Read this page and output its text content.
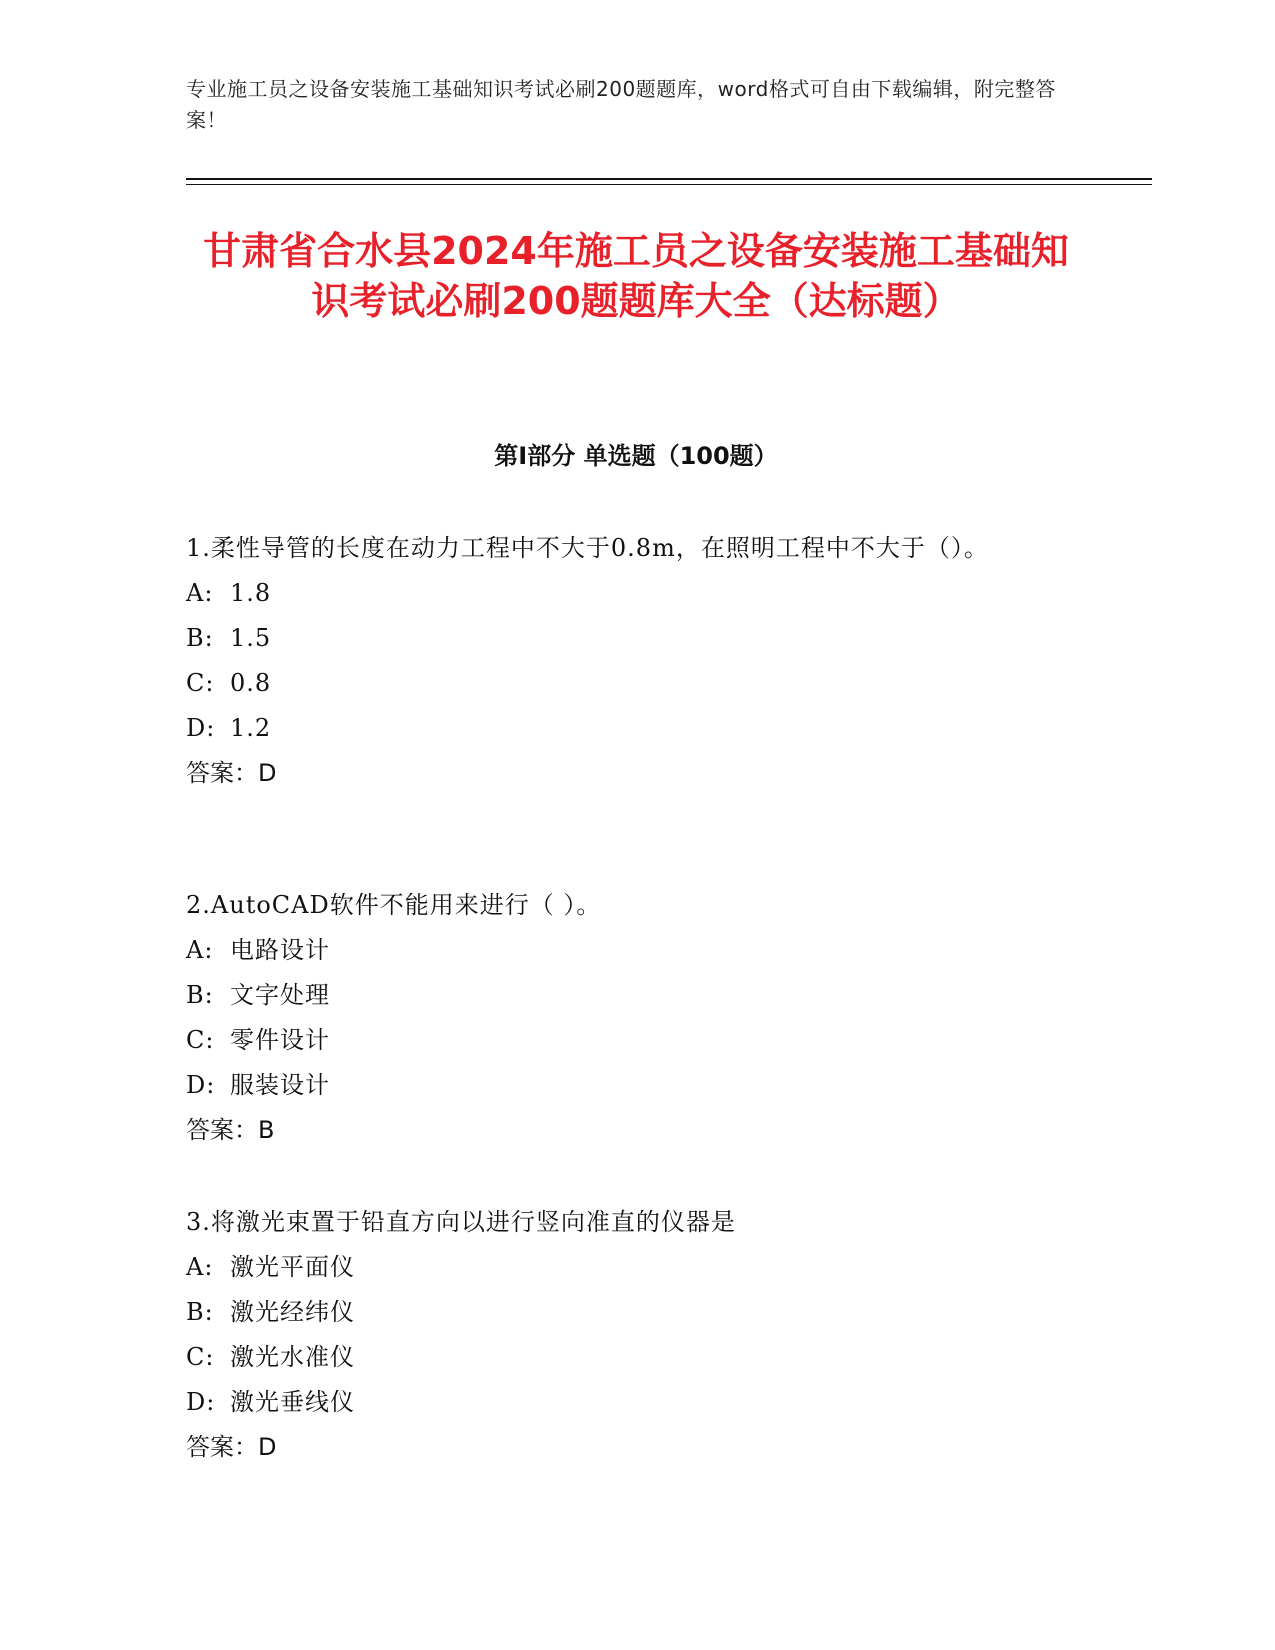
专业施工员之设备安装施工基础知识考试必刷200题题库，word格式可自由下载编辑，附完整答案！
甘肃省合水县2024年施工员之设备安装施工基础知识考试必刷200题题库大全（达标题）
第I部分 单选题（100题）
1.柔性导管的长度在动力工程中不大于0.8m，在照明工程中不大于（）。
A: 1.8
B: 1.5
C: 0.8
D: 1.2
答案：D
2.AutoCAD软件不能用来进行（ ）。
A: 电路设计
B: 文字处理
C: 零件设计
D: 服装设计
答案：B
3.将激光束置于铅直方向以进行竖向准直的仪器是
A: 激光平面仪
B: 激光经纬仪
C: 激光水准仪
D: 激光垂线仪
答案：D
